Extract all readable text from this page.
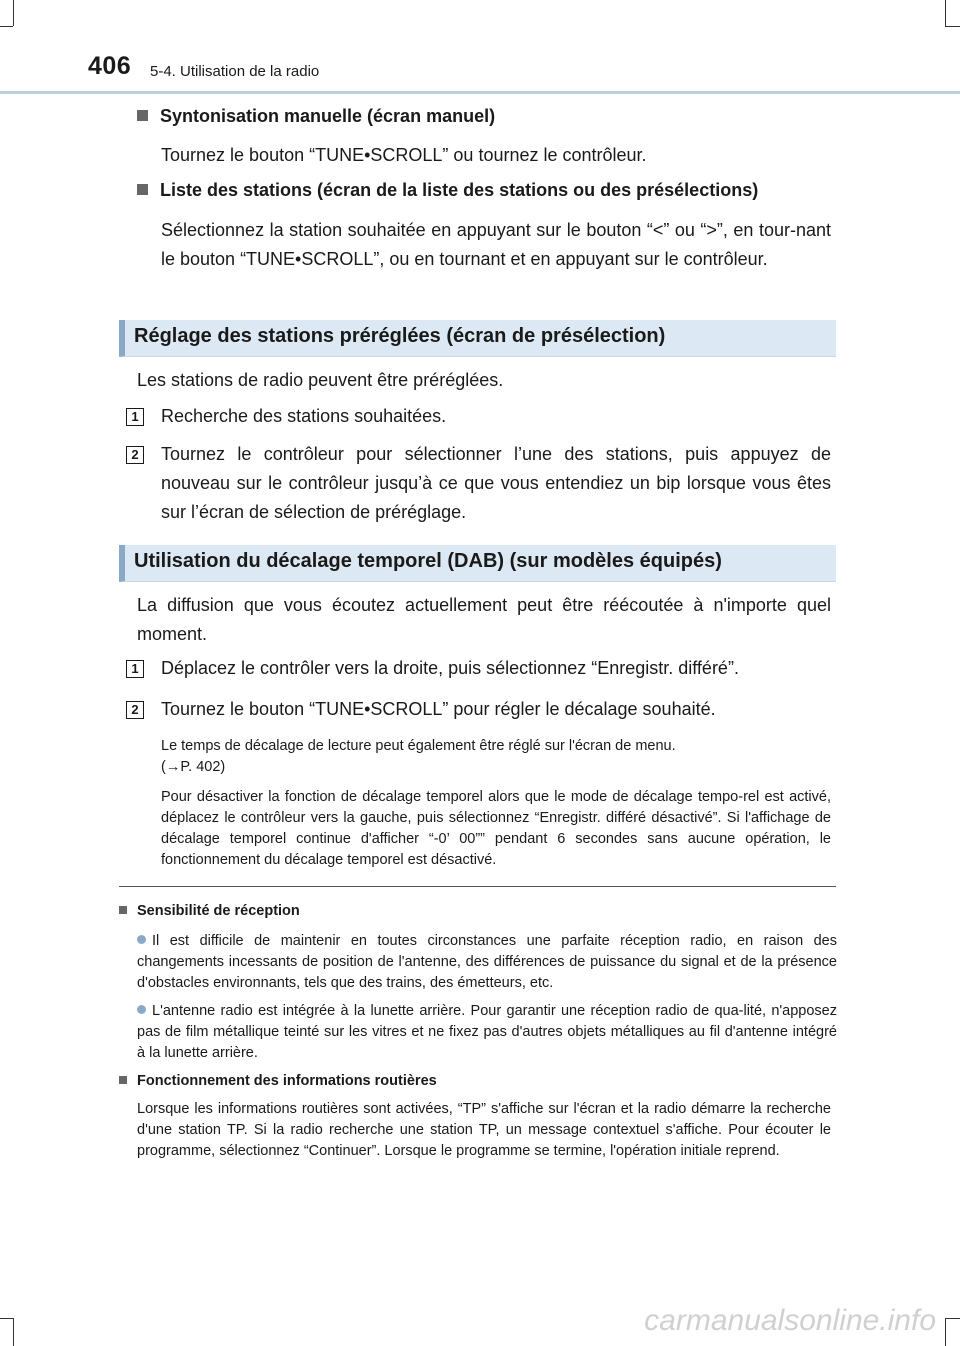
406 5-4. Utilisation de la radio
Syntonisation manuelle (écran manuel)
Tournez le bouton “TUNE•SCROLL” ou tournez le contrôleur.
Liste des stations (écran de la liste des stations ou des présélections)
Sélectionnez la station souhaitée en appuyant sur le bouton “<” ou “>”, en tour-nant le bouton “TUNE•SCROLL”, ou en tournant et en appuyant sur le contrôleur.
Réglage des stations préréglées (écran de présélection)
Les stations de radio peuvent être préréglées.
1 Recherche des stations souhaitées.
2 Tournez le contrôleur pour sélectionner l’une des stations, puis appuyez de nouveau sur le contrôleur jusqu’à ce que vous entendiez un bip lorsque vous êtes sur l’écran de sélection de préréglage.
Utilisation du décalage temporel (DAB) (sur modèles équipés)
La diffusion que vous écoutez actuellement peut être réécoutée à n'importe quel moment.
1 Déplacez le contrôler vers la droite, puis sélectionnez “Enregistr. différé”.
2 Tournez le bouton “TUNE•SCROLL” pour régler le décalage souhaité.
Le temps de décalage de lecture peut également être réglé sur l'écran de menu.
(→P. 402)
Pour désactiver la fonction de décalage temporel alors que le mode de décalage tempo-rel est activé, déplacez le contrôleur vers la gauche, puis sélectionnez “Enregistr. différé désactivé”. Si l'affichage de décalage temporel continue d'afficher “-0’ 00”” pendant 6 secondes sans aucune opération, le fonctionnement du décalage temporel est désactivé.
Sensibilité de réception
Il est difficile de maintenir en toutes circonstances une parfaite réception radio, en raison des changements incessants de position de l'antenne, des différences de puissance du signal et de la présence d'obstacles environnants, tels que des trains, des émetteurs, etc.
L'antenne radio est intégrée à la lunette arrière. Pour garantir une réception radio de qua-lité, n'apposez pas de film métallique teinté sur les vitres et ne fixez pas d'autres objets métalliques au fil d'antenne intégré à la lunette arrière.
Fonctionnement des informations routières
Lorsque les informations routières sont activées, “TP” s'affiche sur l'écran et la radio démarre la recherche d'une station TP. Si la radio recherche une station TP, un message contextuel s'affiche. Pour écouter le programme, sélectionnez “Continuer”. Lorsque le programme se termine, l'opération initiale reprend.
carmanualsonline.info
